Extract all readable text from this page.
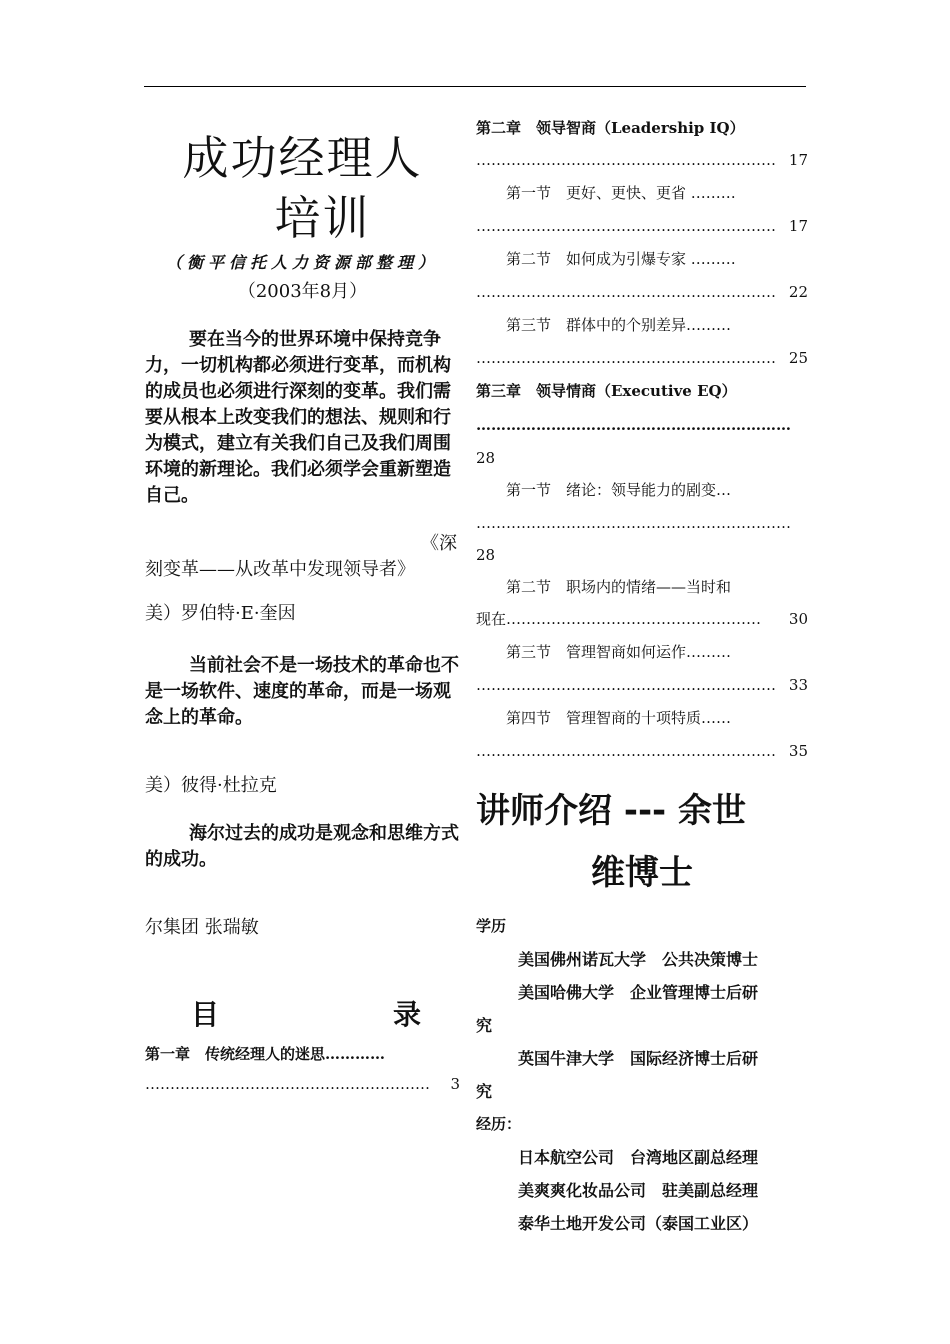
成功经理人
培训
（衡平信托人力资源部整理）
（2003年8月）

要在当今的世界环境中保持竞争力，一切机构都必须进行变革，而机构的成员也必须进行深刻的变革。我们需要从根本上改变我们的想法、规则和行为模式，建立有关我们自己及我们周围环境的新理论。我们必须学会重新塑造自己。

《深刻变革——从改革中发现领导者》

美）罗伯特·E·奎因

当前社会不是一场技术的革命也不是一场软件、速度的革命，而是一场观念上的革命。

美）彼得·杜拉克

海尔过去的成功是观念和思维方式的成功。

尔集团 张瑞敏

目	录
第一章　传统经理人的迷思…………
3
…………………………………………………
第二章　领导智商（Leadership IQ）
17
……………………………………………………
第一节　更好、更快、更省 ………
17
……………………………………………………
第二节　如何成为引爆专家 ………
22
……………………………………………………
第三节　群体中的个别差异………
25
……………………………………………………
第三章　领导情商（Executive EQ）
………………………………………………………
28
第一节　绪论：领导能力的剧变…
………………………………………………………
28
第二节　职场内的情绪——当时和
30
现在……………………………………………
第三节　管理智商如何运作………
33
……………………………………………………
第四节　管理智商的十项特质……
35
……………………………………………………
讲师介绍 --- 余世
维博士
学历
美国佛州诺瓦大学　公共决策博士
美国哈佛大学　企业管理博士后研
究
英国牛津大学　国际经济博士后研
究
经历：
日本航空公司　台湾地区副总经理
美爽爽化妆品公司　驻美副总经理
泰华土地开发公司（泰国工业区）
